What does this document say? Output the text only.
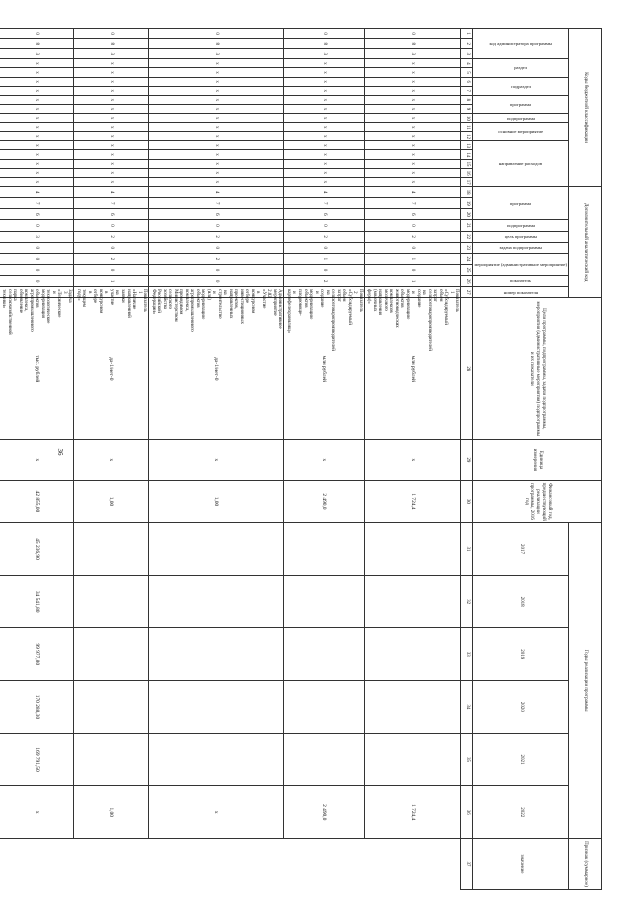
36
Коды бюджетной классификации																	Дополнительный аналитический код										Цели программы, подпрограммы, задачи подпрограммы, мероприятия (административные мероприятия) подпрограммы и их показатели	Единица измерения	Финансовый год, предшествующий реализации программы, 2016 год	Годы реализации программы						Признак (суммарное)

код администратора программы			раздел		подраздел		программа		подпрограмма	основное мероприятие		направление расходов					программа			подпрограмма	цель программы	задача подпрограммы	мероприятие (административное мероприятие)		показатель	номер показателя				2017	2018	2019	2020	2021	2022	значение
1	2	3	4	5	6	7	8	9	10	11	12	13	14	15	16	17	18	19	20	21	22	23	24	25	26	27	28	29	30	31	32	33	34	35	36	37
0	8	3	х	х	х	х	х	х	х	х	х	х	х	х	х	х	4	7	6	0	2	0	1	0	1	Показатель 1 «Субсидируемый объем затрат сельхозтоваропроизводителей на создание и модернизацию объектов животноводческих комплексов молочного направления (молочных ферм)»	млн рублей	х	1 724,4						1 724,4	
0	8	3	х	х	х	х	х	х	х	х	х	х	х	х	х	х	4	7	6	0	2	0	1	0	2	Показатель 2 «Субсидируемый объем затрат сельхозтоваропроизводителей на создание и модернизацию объектов плодоовоще- и картофелехранилищ»	млн рублей	х	2 490,0						2 490,0	
0	8	3	х	х	х	х	х	х	х	х	х	х	х	х	х	х	4	7	6	0	2	0	2	0	0	Административное мероприятие 2.02 «Участие в конкурсном отборе инвестиционных проектов, направленных на строительство и (или) модернизацию объектов агропромышленного комплекса, проводимом Министерством сельского хозяйства Российской Федерации»	да-1/нет-0	х	1,00						х	
0	8	3	х	х	х	х	х	х	х	х	х	х	х	х	х	х	4	7	6	0	2	0	2	0	1	Показатель 1 «Наличие направленной заявки на участие в конкурсном отборе в текущем году»	да-1/нет-0	х	1,00						1,00	
0	8	3	х	х	х	х	х	х	х	х	х	х	х	х	х	х	4	7	6	0	3	0	0	0	0	Задача 3 «Техническое и технологическое модернизация объектов агропромышленного комплекса, обновление парка сельскохозяйственной техники»	тыс. рублей	х	42 855,00	45 236,90	34 541,80	99 977,80	170 288,30	169 791,50	х	
